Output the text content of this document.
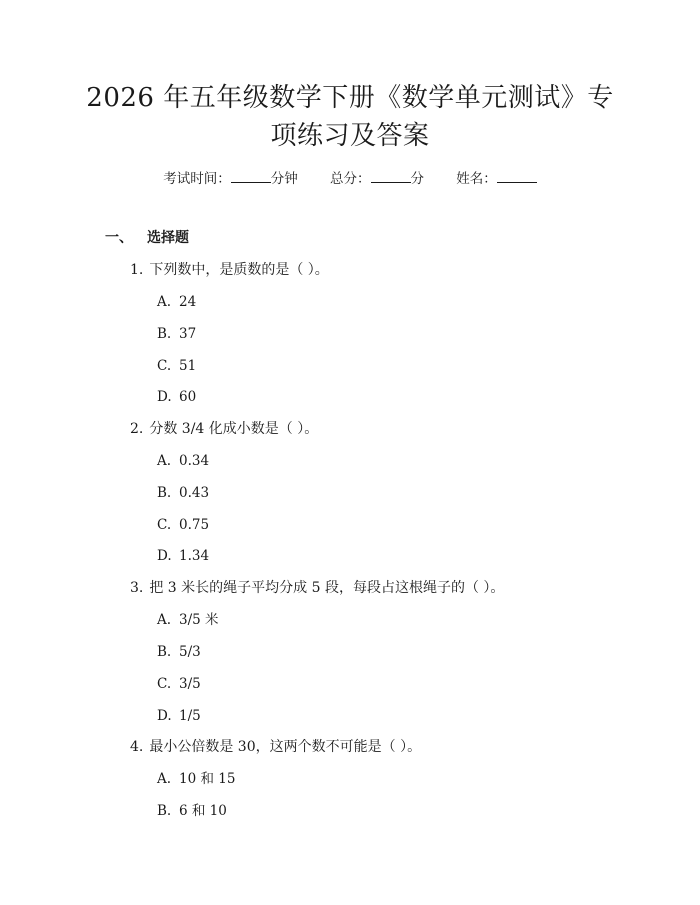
2026 年五年级数学下册《数学单元测试》专
项练习及答案
考试时间：	分钟 总分：	分 姓名：
一、 选择题
1. 下列数中，是质数的是（ ）。
A. 24
B. 37
C. 51
D. 60
2. 分数 3/4 化成小数是（ ）。
A. 0.34
B. 0.43
C. 0.75
D. 1.34
3. 把 3 米长的绳子平均分成 5 段，每段占这根绳子的（ ）。
A. 3/5 米
B. 5/3
C. 3/5
D. 1/5
4. 最小公倍数是 30，这两个数不可能是（ ）。
A. 10 和 15
B. 6 和 10
